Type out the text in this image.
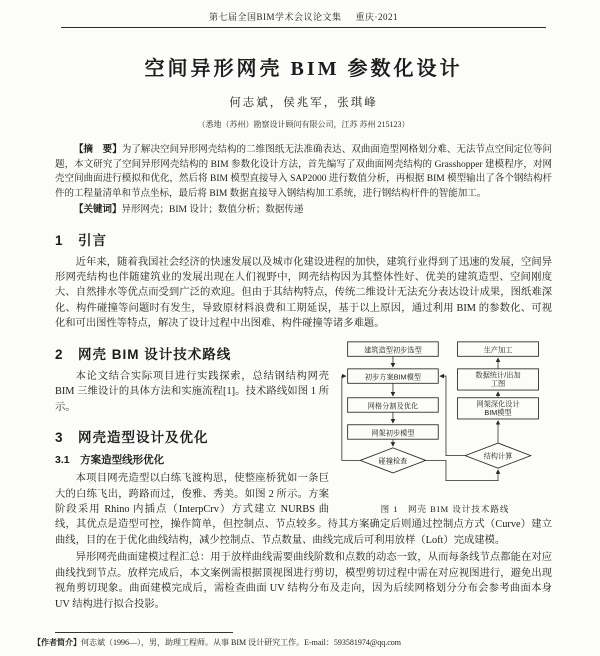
第七届全国BIM学术会议论文集 重庆·2021
空间异形网壳 BIM 参数化设计
何志斌，侯兆军，张琪峰
（悉地（苏州）勘察设计顾问有限公司，江苏 苏州 215123）

【摘　要】为了解决空间异形网壳结构的二维图纸无法准确表达、双曲面造型网格划分难、无法节点空间定位等问题，本文研究了空间异形网壳结构的 BIM 参数化设计方法，首先编写了双曲面网壳结构的 Grasshopper 建模程序，对网壳空间曲面进行模拟和优化，然后将 BIM 模型直接导入 SAP2000 进行数值分析，再根据 BIM 模型输出了各个钢结构杆件的工程量清单和节点坐标，最后将 BIM 数据直接导入钢结构加工系统，进行钢结构杆件的智能加工。

【关键词】异形网壳；BIM 设计；数值分析；数据传递

1　引言

近年来，随着我国社会经济的快速发展以及城市化建设进程的加快，建筑行业得到了迅速的发展，空间异形网壳结构也伴随建筑业的发展出现在人们视野中，网壳结构因为其整体性好、优美的建筑造型、空间刚度大、自然排水等优点而受到广泛的欢迎。但由于其结构特点，传统二维设计无法充分表达设计成果，图纸难深化、构件碰撞等问题时有发生，导致原材料浪费和工期延误，基于以上原因，通过利用 BIM 的参数化、可视化和可出图性等特点，解决了设计过程中出图难、构件碰撞等诸多难题。

建筑造型初步选型
初步方案BIM模型
网格分割及优化
网架初步模型
碰撞检查
生产加工
数据统计/出加
工图
网架深化设计
BIM模型
结构计算
图 1　网壳 BIM 设计技术路线
2　网壳 BIM 设计技术路线

本论文结合实际项目进行实践探索，总结钢结构网壳 BIM 三维设计的具体方法和实施流程[1]。技术路线如图 1 所示。

3　网壳造型设计及优化
3.1　方案造型线形优化

本项目网壳造型以白练飞渡构思，使整座桥犹如一条巨大的白练飞出，跨路而过，俊雅、秀美。如图 2 所示。方案阶段采用 Rhino 内插点（InterpCrv）方式建立 NURBS 曲线，其优点是造型可控，操作简单，但控制点、节点较多。待其方案确定后则通过控制点方式（Curve）建立曲线，目的在于优化曲线结构，减少控制点、节点数量、曲线完成后可利用放样（Loft）完成建模。

异形网壳曲面建模过程汇总：用于放样曲线需要曲线阶数和点数的动态一致，从而每条线节点都能在对应曲线找到节点。放样完成后，本文案例需根据顶视图进行剪切，模型剪切过程中需在对应视图进行，避免出现视角剪切现象。曲面建模完成后，需检查曲面 UV 结构分布及走向，因为后续网格划分分布会参考曲面本身 UV 结构进行拟合投影。

【作者简介】何志斌（1996—），男，助理工程师。从事 BIM 设计研究工作。E-mail：593581974@qq.com
